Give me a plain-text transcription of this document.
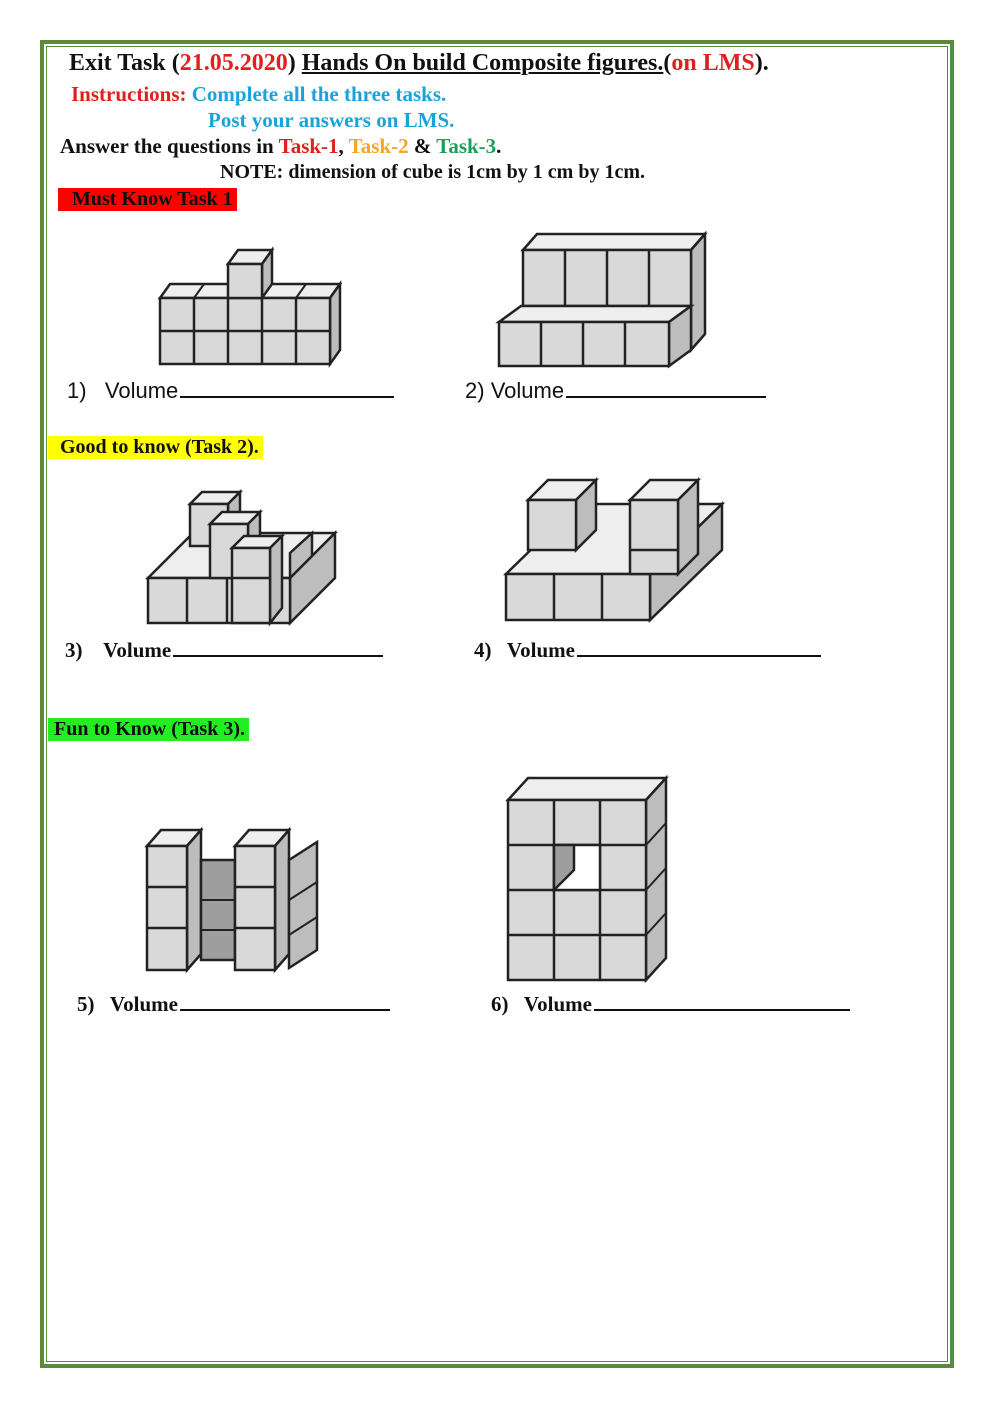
Exit Task (21.05.2020) Hands On build Composite figures.(on LMS).
Instructions: Complete all the three tasks.
Post your answers on LMS.
Answer the questions in Task-1, Task-2 & Task-3.
NOTE: dimension of cube is 1cm by 1 cm by 1cm.
Must Know Task 1
Good to know (Task 2).
Fun to Know (Task 3).
1) Volume	2) Volume
3) Volume	4) Volume
5) Volume	6) Volume
